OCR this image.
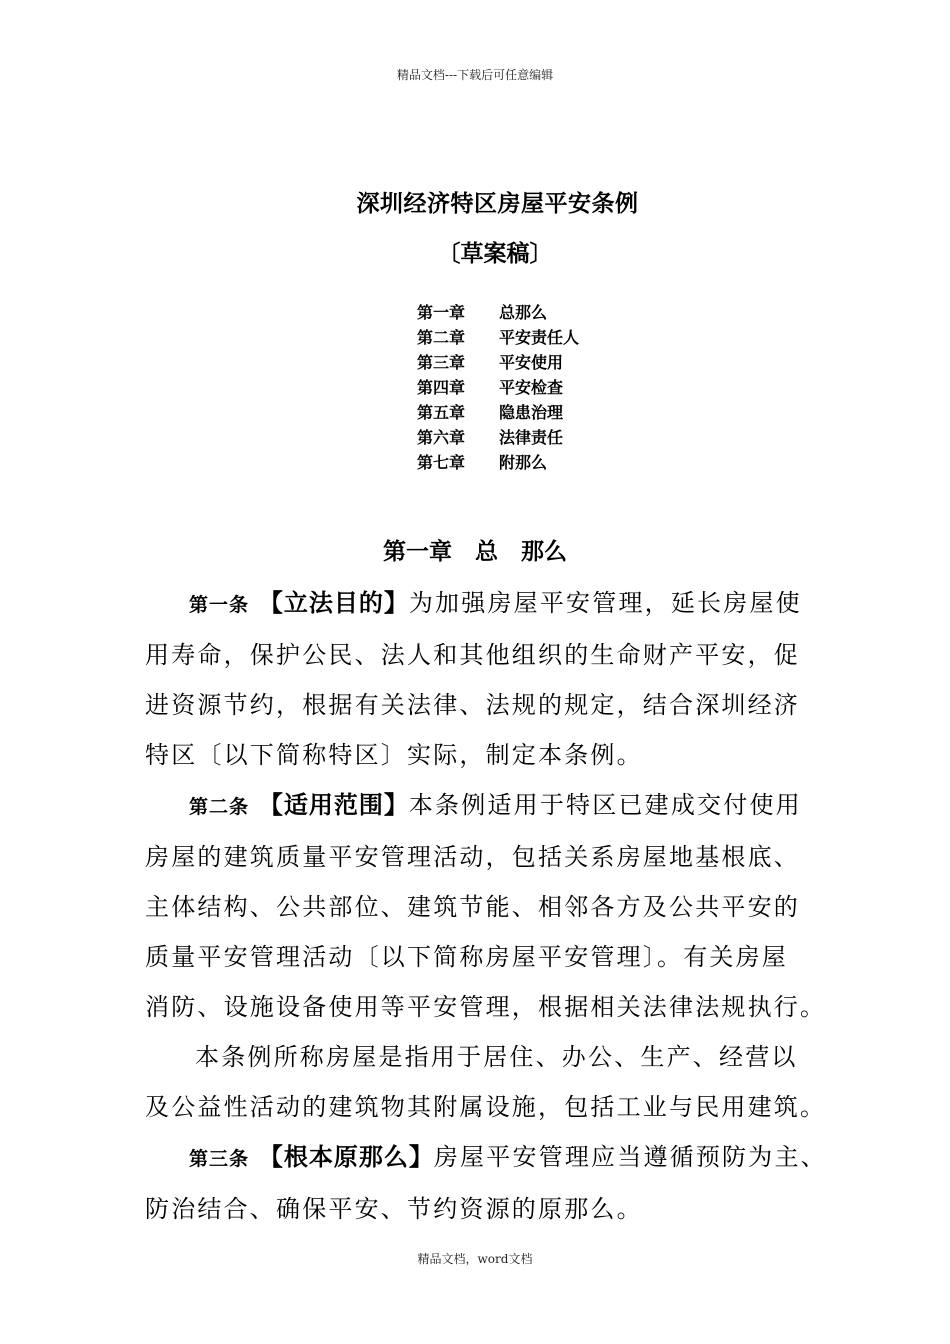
精品文档---下载后可任意编辑
深圳经济特区房屋平安条例
〔草案稿〕
第一章	总那么
第二章	平安责任人
第三章	平安使用
第四章	平安检查
第五章	隐患治理
第六章	法律责任
第七章	附那么
第一章　总　那么
第一条 【立法目的】为加强房屋平安管理，延长房屋使
用寿命，保护公民、法人和其他组织的生命财产平安，促
进资源节约，根据有关法律、法规的规定，结合深圳经济
特区〔以下简称特区〕实际，制定本条例。
第二条 【适用范围】本条例适用于特区已建成交付使用
房屋的建筑质量平安管理活动，包括关系房屋地基根底、
主体结构、公共部位、建筑节能、相邻各方及公共平安的
质量平安管理活动〔以下简称房屋平安管理〕。有关房屋
消防、设施设备使用等平安管理，根据相关法律法规执行。
本条例所称房屋是指用于居住、办公、生产、经营以
及公益性活动的建筑物其附属设施，包括工业与民用建筑。
第三条 【根本原那么】房屋平安管理应当遵循预防为主、
防治结合、确保平安、节约资源的原那么。
精品文档，word文档
